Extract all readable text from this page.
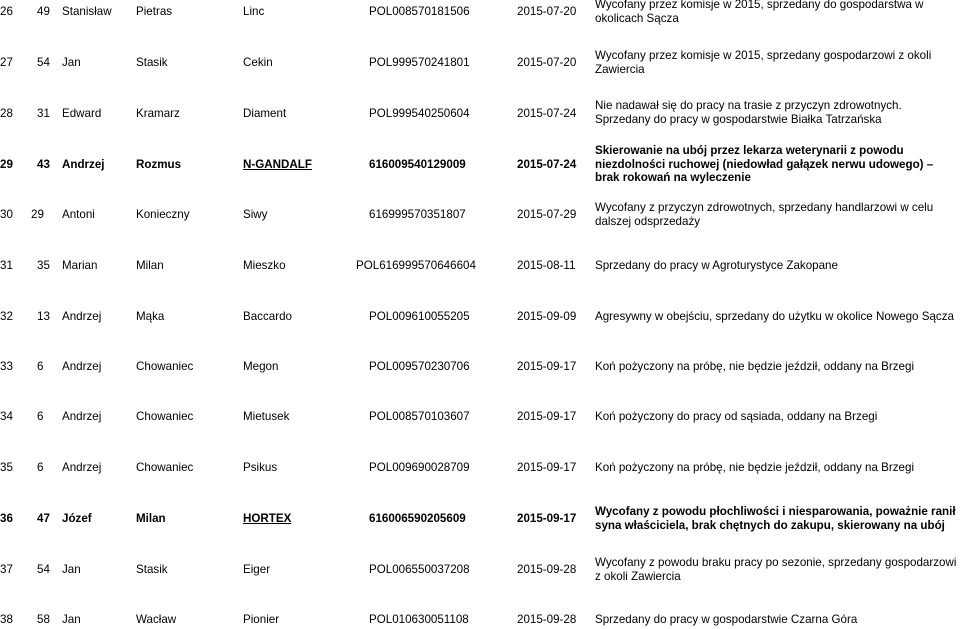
26 49 Stanisław Pietras	Linc	POL008570181506	2015-07-20
Wycofany przez komisje w 2015, sprzedany do gospodarstwa w okolicach Sącza
27 54 Jan	Stasik	Cekin	POL999570241801	2015-07-20
Wycofany przez komisje w 2015, sprzedany gospodarzowi z okoli Zawiercia
28 31 Edward	Kramarz	Diament	POL999540250604	2015-07-24
Nie nadawał się do pracy na trasie z przyczyn zdrowotnych. Sprzedany do pracy w gospodarstwie Białka Tatrzańska
29 43 Andrzej	Rozmus	N-GANDALF	616009540129009	2015-07-24
Skierowanie na ubój przez lekarza weterynarii z powodu niezdolności ruchowej (niedowład gałązek nerwu udowego) – brak rokowań na wyleczenie
30 29 Antoni	Konieczny	Siwy	616999570351807	2015-07-29
Wycofany z przyczyn zdrowotnych, sprzedany handlarzowi w celu dalszej odsprzedaży
31 35 Marian	Milan	Mieszko	POL616999570646604	2015-08-11 Sprzedany do pracy w Agroturystyce Zakopane
32 13 Andrzej	Mąka	Baccardo	POL009610055205	2015-09-09 Agresywny w obejściu, sprzedany do użytku w okolice Nowego Sącza
33 6 Andrzej	Chowaniec	Megon	POL009570230706	2015-09-17 Koń pożyczony na próbę, nie będzie jeździł, oddany na Brzegi
34 6 Andrzej	Chowaniec	Mietusek	POL008570103607	2015-09-17 Koń pożyczony do pracy od sąsiada, oddany na Brzegi
35 6 Andrzej	Chowaniec	Psikus	POL009690028709	2015-09-17 Koń pożyczony na próbę, nie będzie jeździł, oddany na Brzegi
36 47 Józef	Milan	HORTEX	616006590205609	2015-09-17
Wycofany z powodu płochliwości i niesparowania, poważnie ranił syna właściciela, brak chętnych do zakupu, skierowany na ubój
37 54 Jan	Stasik	Eiger	POL006550037208	2015-09-28
Wycofany z powodu braku pracy po sezonie, sprzedany gospodarzowi z okoli Zawiercia
38 58 Jan	Wacław	Pionier	POL010630051108	2015-09-28 Sprzedany do pracy w gospodarstwie Czarna Góra
